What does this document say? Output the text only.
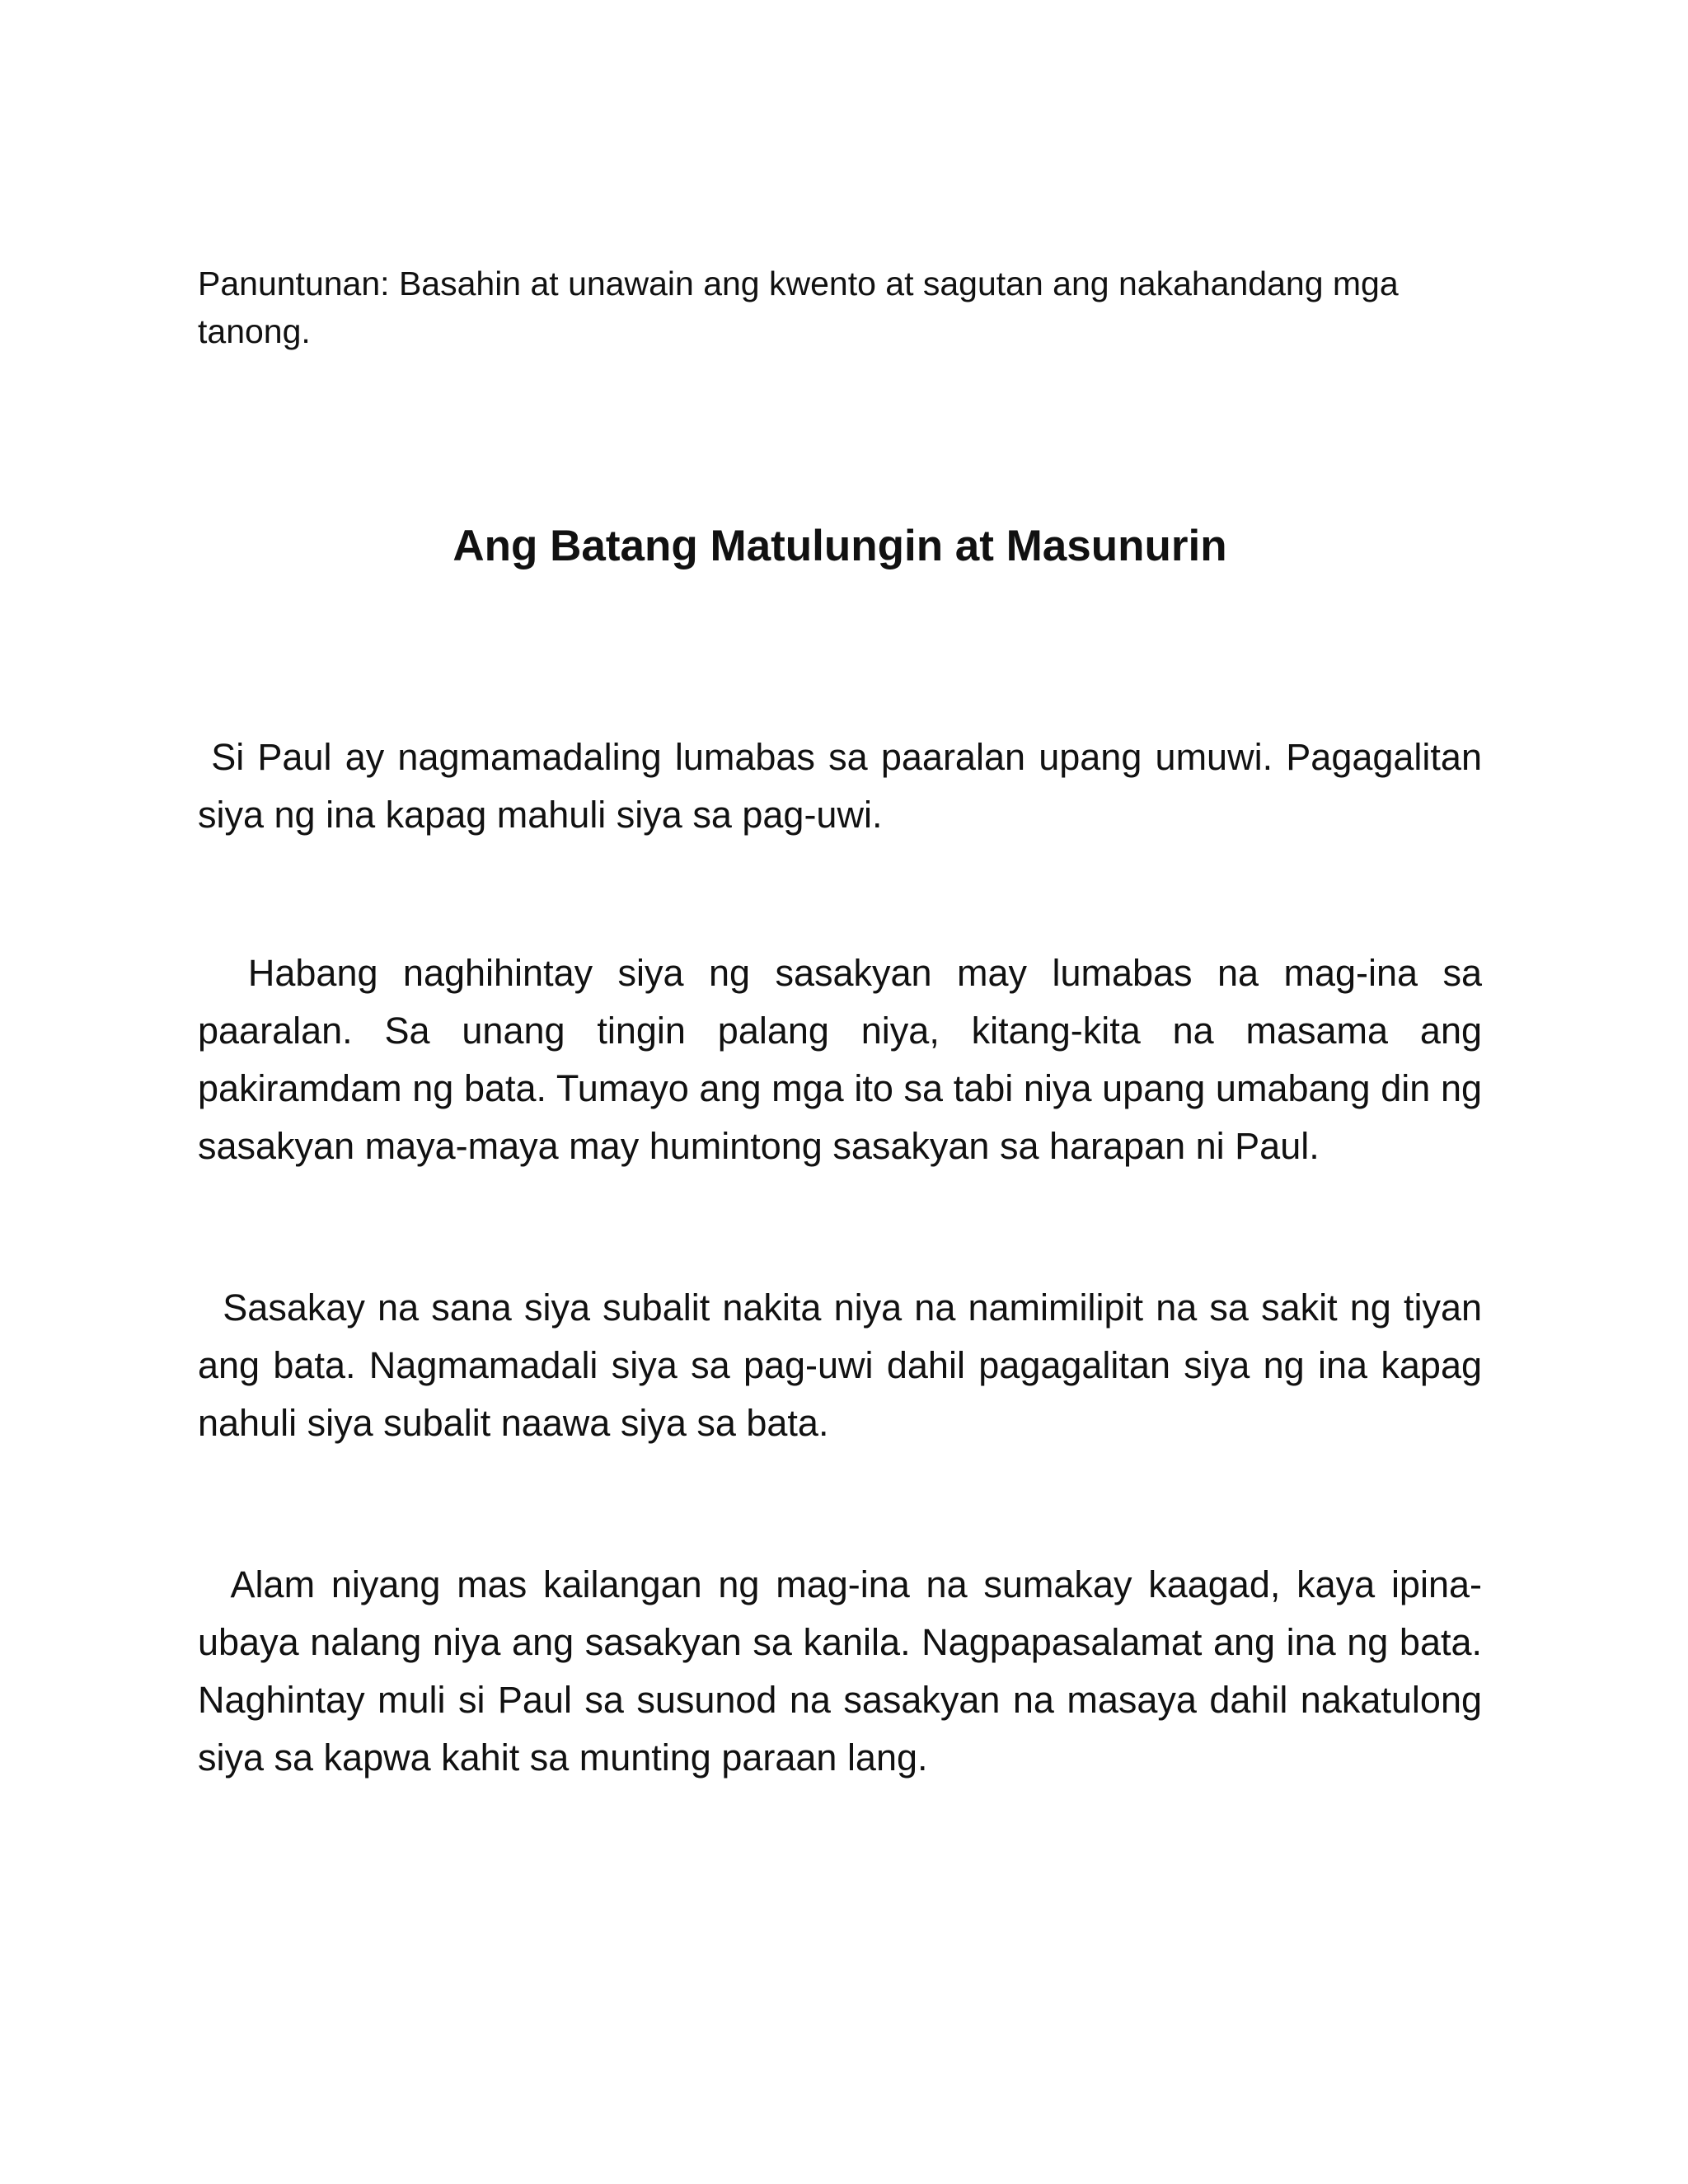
Panuntunan: Basahin at unawain ang kwento at sagutan ang nakahandang mga tanong.

Ang Batang Matulungin at Masunurin

Si Paul ay nagmamadaling lumabas sa paaralan upang umuwi. Pagagalitan siya ng ina kapag mahuli siya sa pag-uwi.

Habang naghihintay siya ng sasakyan may lumabas na mag-ina sa paaralan. Sa unang tingin palang niya, kitang-kita na masama ang pakiramdam ng bata. Tumayo ang mga ito sa tabi niya upang umabang din ng sasakyan maya-maya may humintong sasakyan sa harapan ni Paul.

Sasakay na sana siya subalit nakita niya na namimilipit na sa sakit ng tiyan ang bata. Nagmamadali siya sa pag-uwi dahil pagagalitan siya ng ina kapag nahuli siya subalit naawa siya sa bata.

Alam niyang mas kailangan ng mag-ina na sumakay kaagad, kaya ipina-ubaya nalang niya ang sasakyan sa kanila. Nagpapasalamat ang ina ng bata. Naghintay muli si Paul sa susunod na sasakyan na masaya dahil nakatulong siya sa kapwa kahit sa munting paraan lang.
